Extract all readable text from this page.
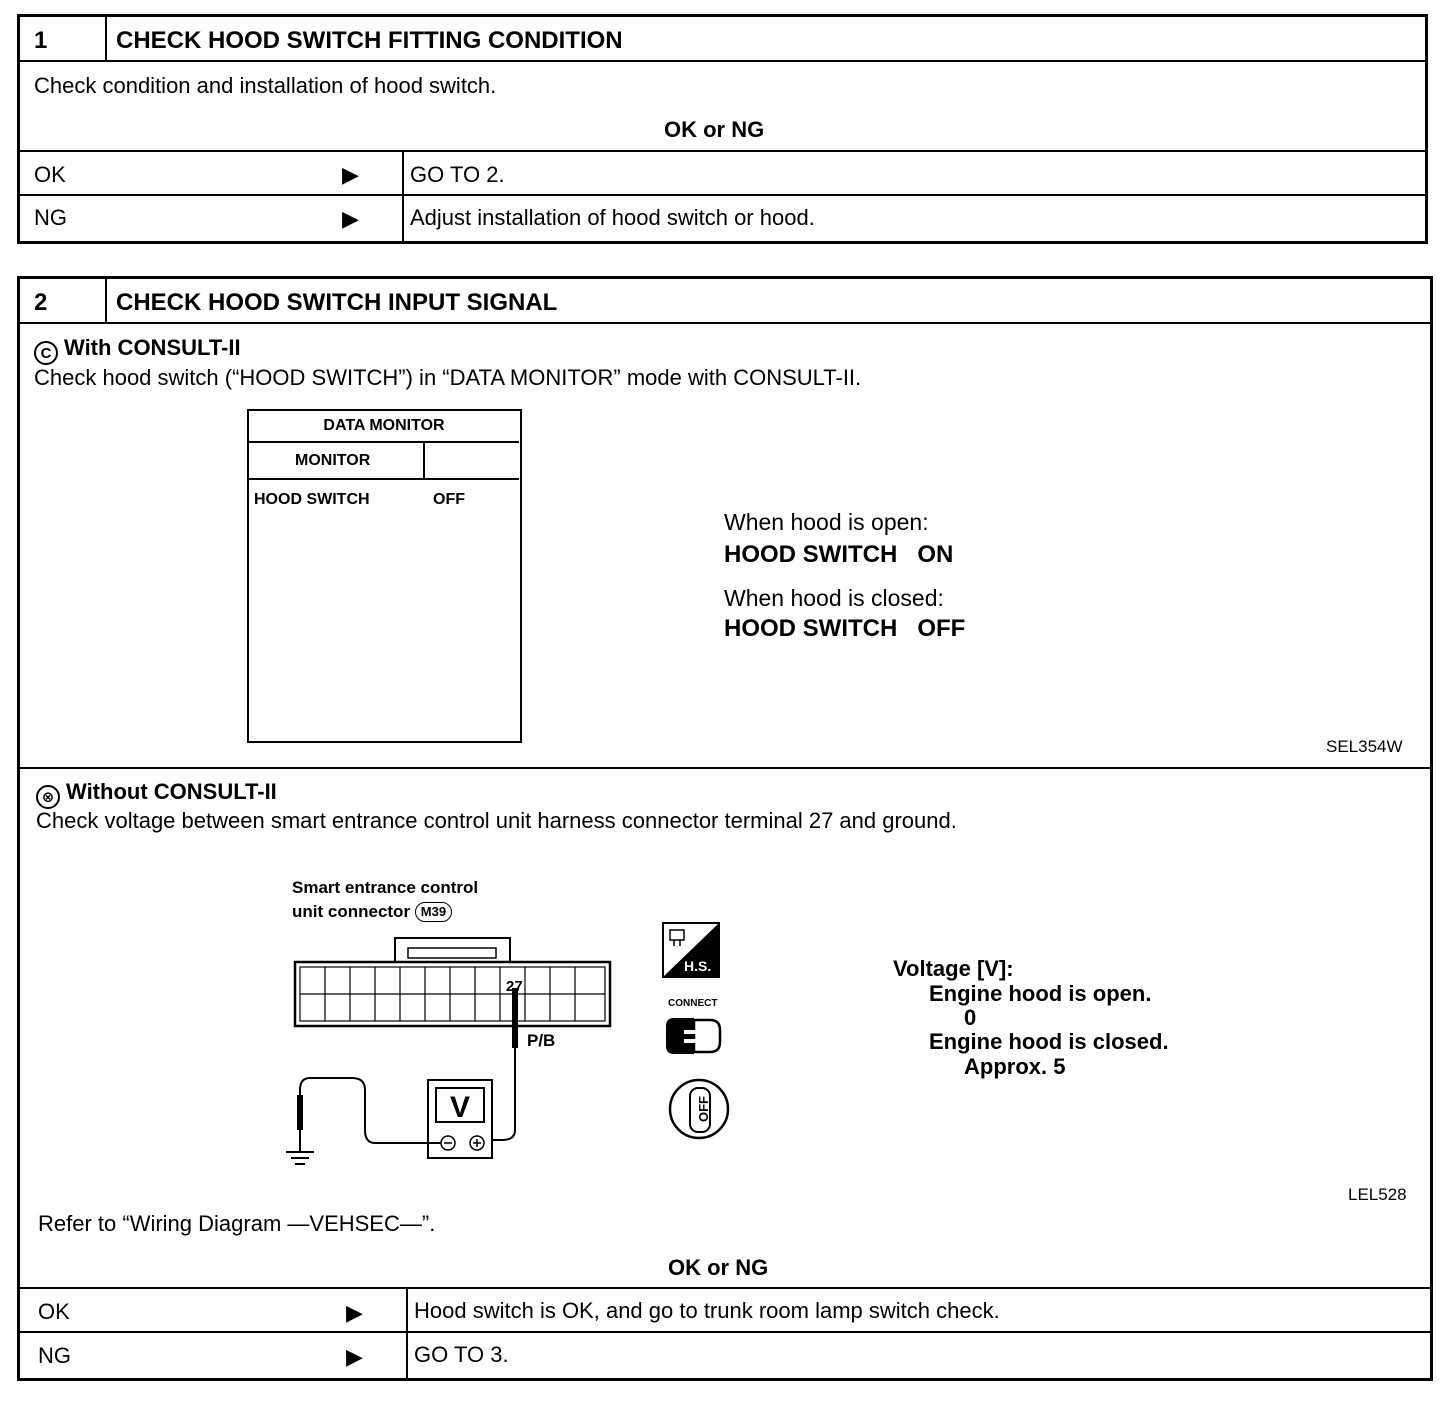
1	CHECK HOOD SWITCH FITTING CONDITION
Check condition and installation of hood switch.
OK or NG
OK	▶ GO TO 2.
NG	▶ Adjust installation of hood switch or hood.
2	CHECK HOOD SWITCH INPUT SIGNAL
C With CONSULT-II
Check hood switch (“HOOD SWITCH”) in “DATA MONITOR” mode with CONSULT-II.
DATA MONITOR
MONITOR
HOOD SWITCH	OFF
When hood is open:
HOOD SWITCH   ON
When hood is closed:
HOOD SWITCH   OFF
SEL354W
⊗ Without CONSULT-II
Check voltage between smart entrance control unit harness connector terminal 27 and ground.
Smart entrance control
unit connector M39
27
P/B
V
H.S.
CONNECT
OFF
Voltage [V]:
Engine hood is open.
0
Engine hood is closed.
Approx. 5
LEL528
Refer to “Wiring Diagram —VEHSEC—”.
OK or NG
OK	▶ Hood switch is OK, and go to trunk room lamp switch check.
NG	▶ GO TO 3.
